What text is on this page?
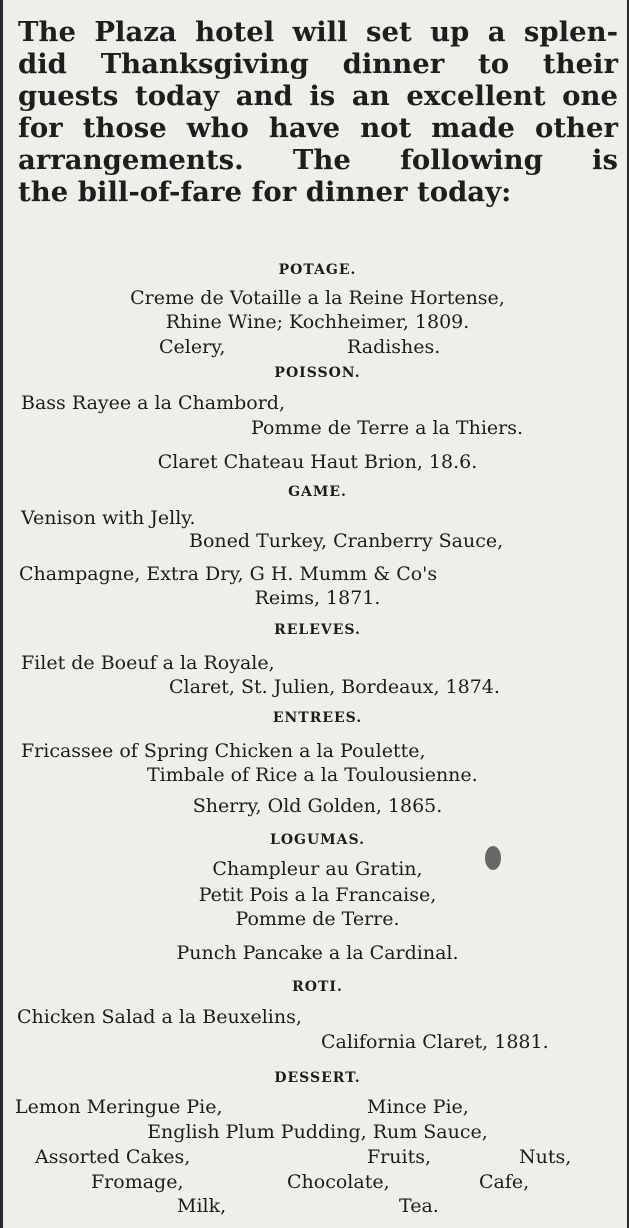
The Plaza hotel will set up a splen-
did Thanksgiving dinner to their
guests today and is an excellent one
for those who have not made other
arrangements. The following is
the bill-of-fare for dinner today:
POTAGE.
Creme de Votaille a la Reine Hortense,
Rhine Wine; Kochheimer, 1809.
Celery,	Radishes.
POISSON.
Bass Rayee a la Chambord,
Pomme de Terre a la Thiers.
Claret Chateau Haut Brion, 18.6.
GAME.
Venison with Jelly.
Boned Turkey, Cranberry Sauce,
Champagne, Extra Dry, G H. Mumm & Co's
Reims, 1871.
RELEVES.
Filet de Boeuf a la Royale,
Claret, St. Julien, Bordeaux, 1874.
ENTREES.
Fricassee of Spring Chicken a la Poulette,
Timbale of Rice a la Toulousienne.
Sherry, Old Golden, 1865.
LOGUMAS.
Champleur au Gratin,
Petit Pois a la Francaise,
Pomme de Terre.
Punch Pancake a la Cardinal.
ROTI.
Chicken Salad a la Beuxelins,
California Claret, 1881.
DESSERT.
Lemon Meringue Pie,	Mince Pie,
English Plum Pudding, Rum Sauce,
Assorted Cakes,	Fruits,	Nuts,
Fromage,	Chocolate,	Cafe,
Milk,	Tea.
